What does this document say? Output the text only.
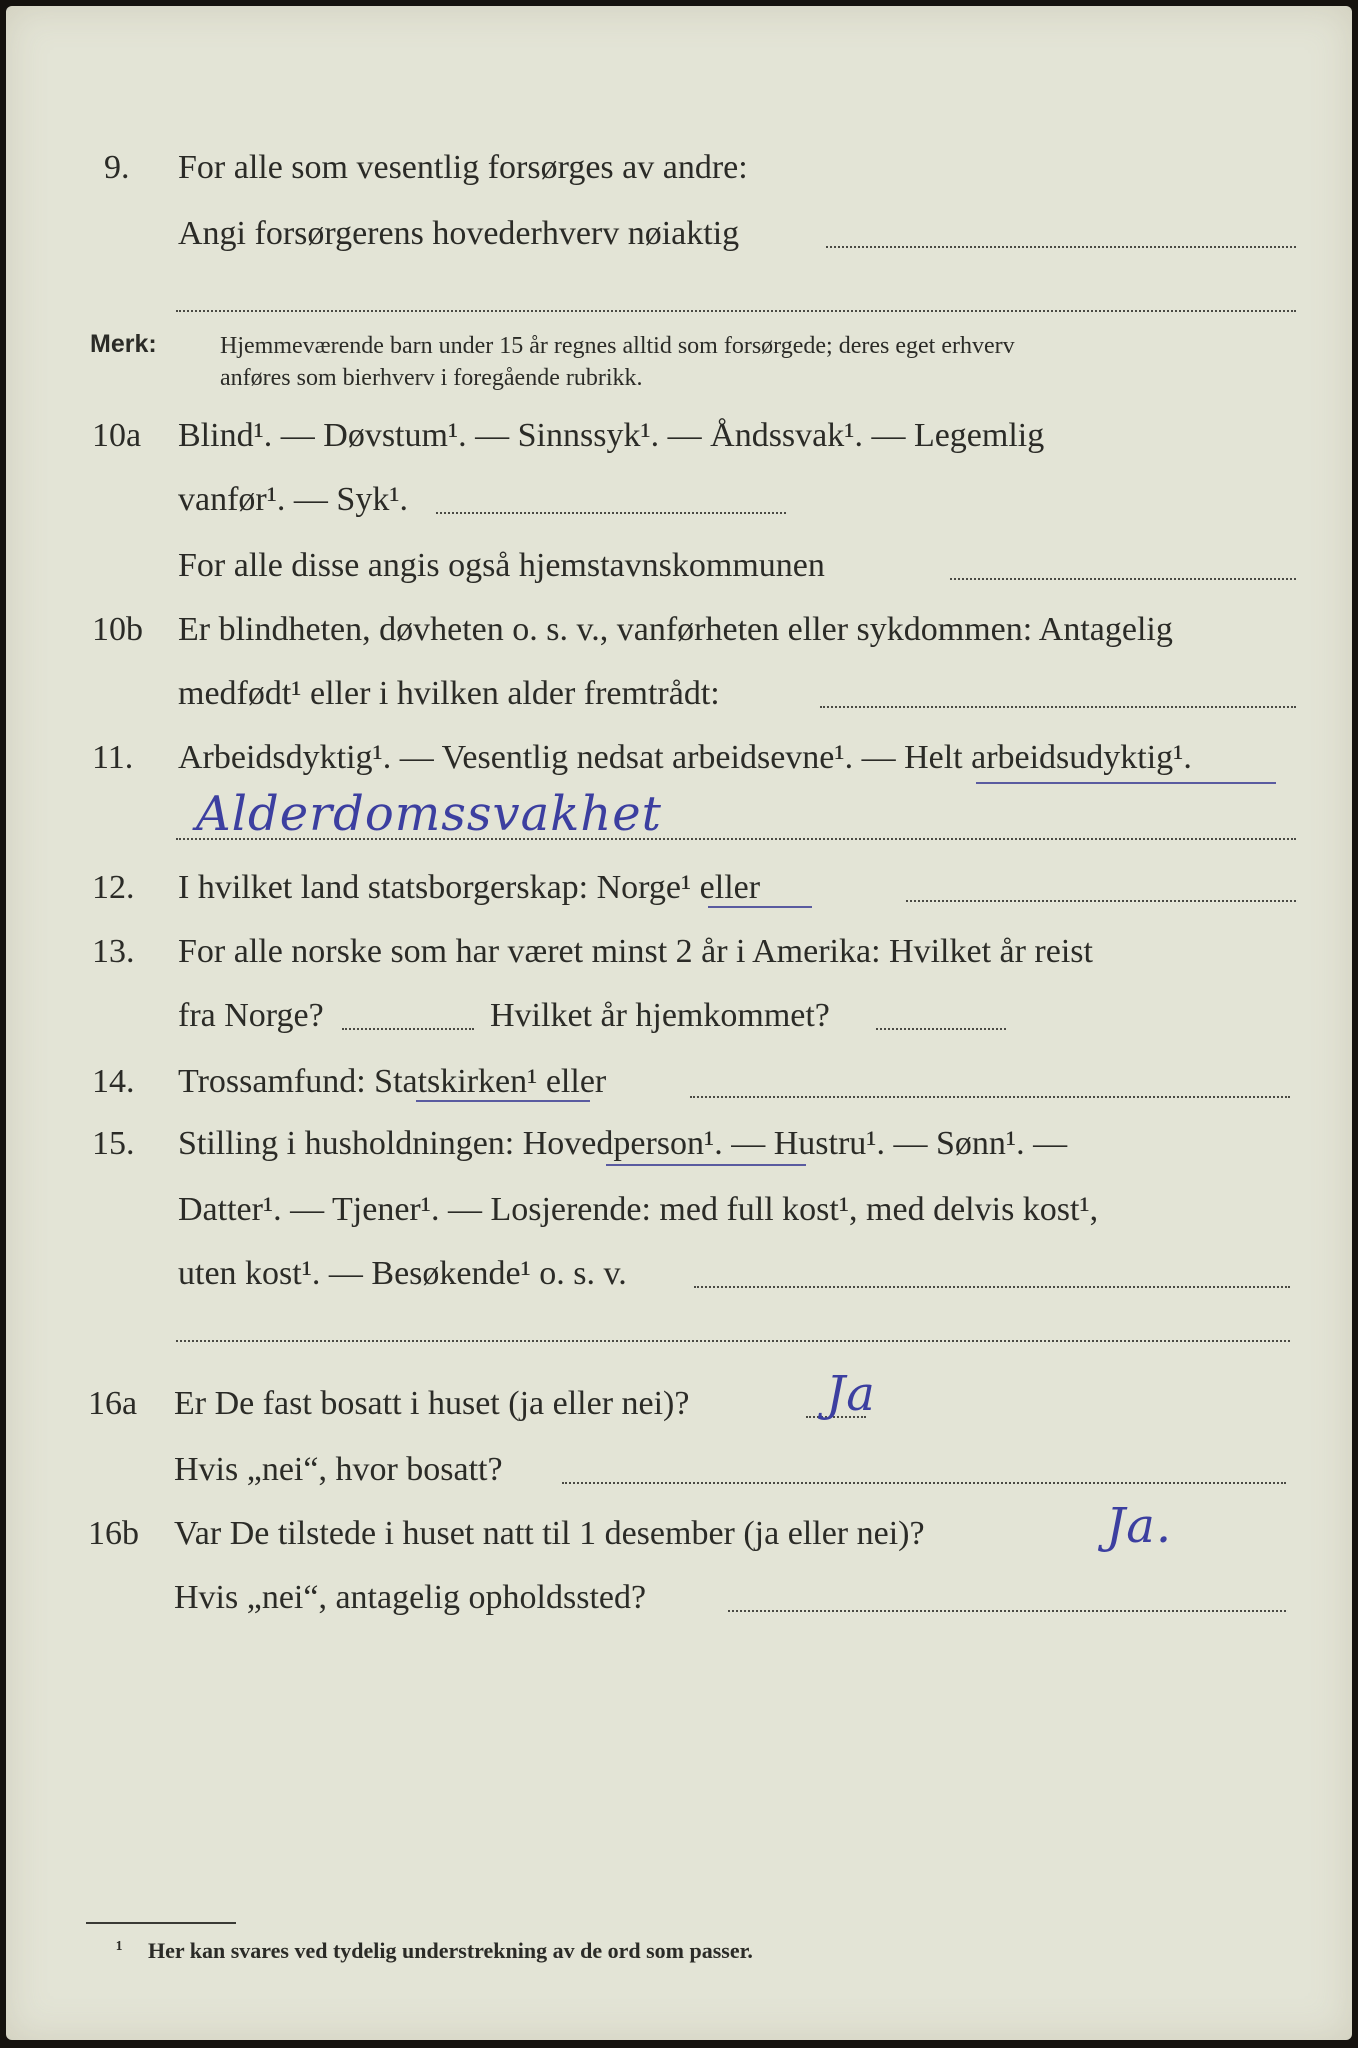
9. For alle som vesentlig forsørges av andre:
Angi forsørgerens hovederhverv nøiaktig
Merk:	Hjemmeværende barn under 15 år regnes alltid som forsørgede; deres eget erhverv
anføres som bierhverv i foregående rubrikk.
10a Blind¹. — Døvstum¹. — Sinnssyk¹. — Åndssvak¹. — Legemlig
vanfør¹. — Syk¹.
For alle disse angis også hjemstavnskommunen
10b Er blindheten, døvheten o. s. v., vanførheten eller sykdommen: Antagelig
medfødt¹ eller i hvilken alder fremtrådt:
11. Arbeidsdyktig¹. — Vesentlig nedsat arbeidsevne¹. — Helt arbeidsudyktig¹.
Alderdomssvakhet
12. I hvilket land statsborgerskap: Norge¹ eller
13. For alle norske som har været minst 2 år i Amerika: Hvilket år reist
fra Norge?	Hvilket år hjemkommet?
14. Trossamfund: Statskirken¹ eller
15. Stilling i husholdningen: Hovedperson¹. — Hustru¹. — Sønn¹. —
Datter¹. — Tjener¹. — Losjerende: med full kost¹, med delvis kost¹,
uten kost¹. — Besøkende¹ o. s. v.
16a Er De fast bosatt i huset (ja eller nei)?	Ja
Hvis „nei“, hvor bosatt?
16b Var De tilstede i huset natt til 1 desember (ja eller nei)?	Ja.
Hvis „nei“, antagelig opholdssted?
¹ Her kan svares ved tydelig understrekning av de ord som passer.
